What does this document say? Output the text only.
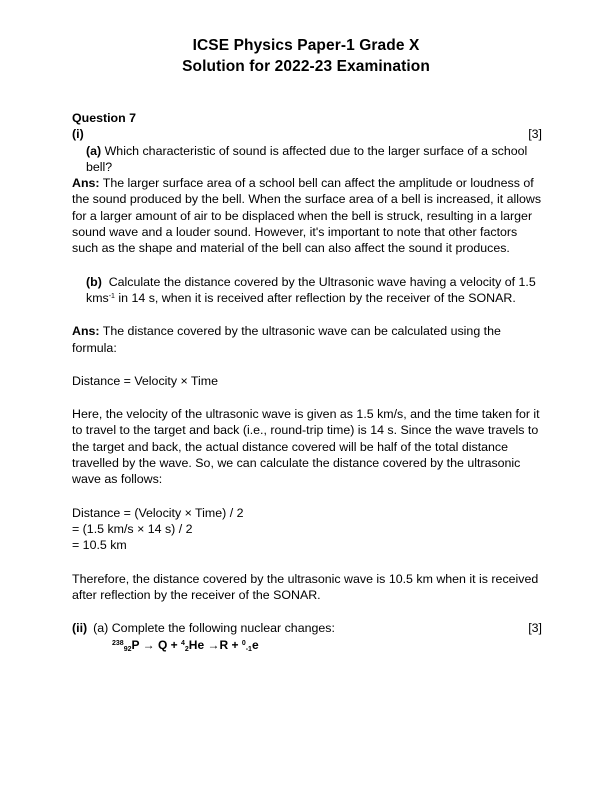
ICSE Physics Paper-1 Grade X
Solution for 2022-23 Examination

Question 7

(i)	[3]

(a) Which characteristic of sound is affected due to the larger surface of a school bell?

Ans: The larger surface area of a school bell can affect the amplitude or loudness of the sound produced by the bell. When the surface area of a bell is increased, it allows for a larger amount of air to be displaced when the bell is struck, resulting in a larger sound wave and a louder sound. However, it's important to note that other factors such as the shape and material of the bell can also affect the sound it produces.

(b) Calculate the distance covered by the Ultrasonic wave having a velocity of 1.5 kms$^{-1}$ in 14 s, when it is received after reflection by the receiver of the SONAR.

Ans: The distance covered by the ultrasonic wave can be calculated using the formula:

Distance = Velocity × Time

Here, the velocity of the ultrasonic wave is given as 1.5 km/s, and the time taken for it to travel to the target and back (i.e., round-trip time) is 14 s. Since the wave travels to the target and back, the actual distance covered will be half of the total distance travelled by the wave. So, we can calculate the distance covered by the ultrasonic wave as follows:

Distance = (Velocity × Time) / 2

= (1.5 km/s × 14 s) / 2

= 10.5 km

Therefore, the distance covered by the ultrasonic wave is 10.5 km when it is received after reflection by the receiver of the SONAR.

(ii) (a) Complete the following nuclear changes:	[3]
$^{238}_{92}$P → Q + $^4_2$He →R + $^0_{-1}$e
